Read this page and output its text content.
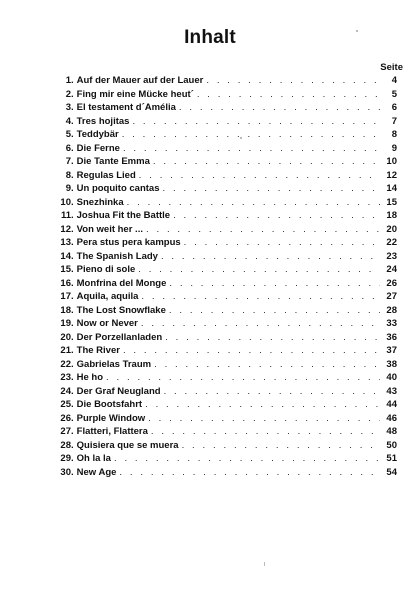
Inhalt
Seite
1 . Auf der Mauer auf der Lauer . . .	4
2 . Fing mir eine Mücke heut´ . . .	5
3 . El testament d´Amélia . . .	6
4 . Tres hojitas . . .	7
5 . Teddybär . . .	8
6 . Die Ferne . . .	9
7 . Die Tante Emma . . .	10
8 . Regulas Lied . . .	12
9 . Un poquito cantas . . .	14
10 . Snezhinka . . .	15
11 . Joshua Fit the Battle . . .	18
12 . Von weit her ... . . .	20
13 . Pera stus pera kampus . . .	22
14 . The Spanish Lady . . .	23
15 . Pieno di sole . . .	24
16 . Monfrina del Monge . . .	26
17 . Aquila, aquila . . .	27
18 . The Lost Snowflake . . .	28
19 . Now or Never . . .	33
20 . Der Porzellanladen . . .	36
21 . The River . . .	37
22 . Gabrielas Traum . . .	38
23 . He ho . . .	40
24 . Der Graf Neugland . . .	43
25 . Die Bootsfahrt . . .	44
26 . Purple Window . . .	46
27 . Flatteri, Flattera . . .	48
28 . Quisiera que se muera . . .	50
29 . Oh la la . . .	51
30 . New Age . . .	54
